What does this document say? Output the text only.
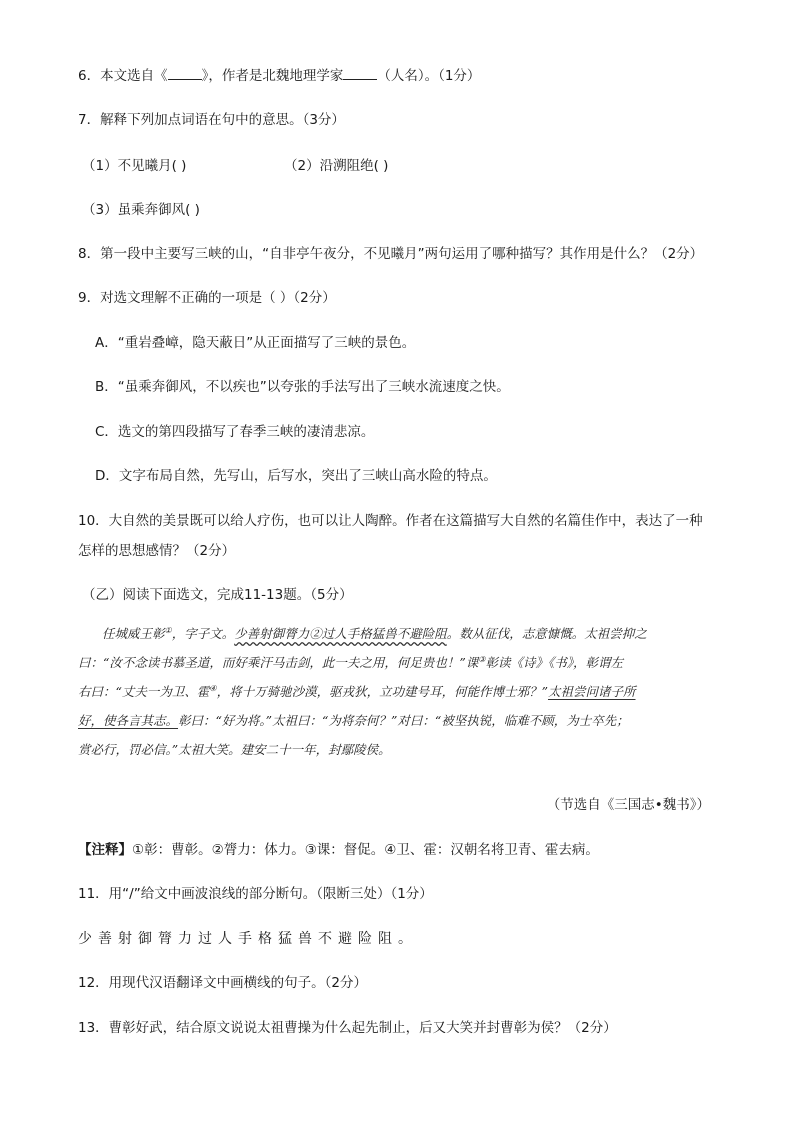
6．本文选自《	》，作者是北魏地理学家	（人名）。（1分）
7．解释下列加点词语在句中的意思。（3分）
（1）不见曦月( )	（2）沿溯阻绝( )
（3）虽乘奔御风( )
8．第一段中主要写三峡的山，“自非亭午夜分，不见曦月”两句运用了哪种描写？其作用是什么？（2分）
9．对选文理解不正确的一项是（ ）（2分）
A．“重岩叠嶂，隐天蔽日”从正面描写了三峡的景色。
B．“虽乘奔御风，不以疾也”以夸张的手法写出了三峡水流速度之快。
C．选文的第四段描写了春季三峡的凄清悲凉。
D．文字布局自然，先写山，后写水，突出了三峡山高水险的特点。
10．大自然的美景既可以给人疗伤，也可以让人陶醉。作者在这篇描写大自然的名篇佳作中，表达了一种
怎样的思想感情？（2分）
（乙）阅读下面选文，完成11-13题。（5分）
任城威王彰①，字子文。少善射御膂力②过人手格猛兽不避险阻。数从征伐，志意慷慨。太祖尝抑之
曰：“汝不念读书慕圣道，而好乘汗马击剑，此一夫之用，何足贵也！”课③彰读《诗》《书》，彰谓左
右曰：“丈夫一为卫、霍④，将十万骑驰沙漠，驱戎狄，立功建号耳，何能作博士邪？”太祖尝问诸子所
好，使各言其志。彰曰：“好为将。”太祖曰：“为将奈何？”对曰：“被坚执锐，临难不顾，为士卒先；
赏必行，罚必信。”太祖大笑。建安二十一年，封鄢陵侯。
（节选自《三国志•魏书》）
【注释】①彰：曹彰。②膂力：体力。③课：督促。④卫、霍：汉朝名将卫青、霍去病。
11．用“/”给文中画波浪线的部分断句。（限断三处）（1分）
少善射御膂力过人手格猛兽不避险阻。
12．用现代汉语翻译文中画横线的句子。（2分）
13．曹彰好武，结合原文说说太祖曹操为什么起先制止，后又大笑并封曹彰为侯？（2分）
